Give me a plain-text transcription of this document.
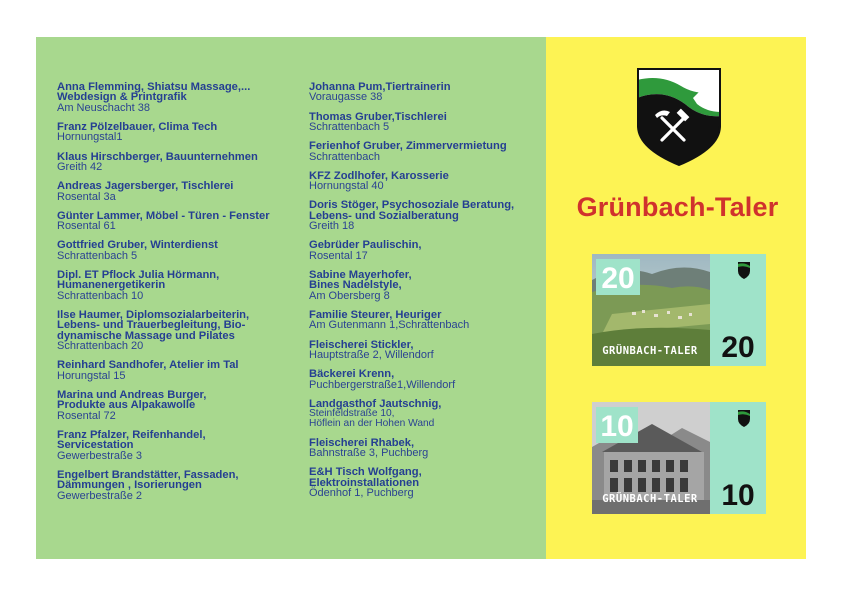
Anna Flemming, Shiatsu Massage,...
Webdesign & Printgrafik
Am Neuschacht 38
Franz Pölzelbauer, Clima Tech
Hornungstal1
Klaus Hirschberger, Bauunternehmen
Greith 42
Andreas Jagersberger, Tischlerei
Rosental 3a
Günter Lammer, Möbel - Türen - Fenster
Rosental 61
Gottfried Gruber, Winterdienst
Schrattenbach 5
Dipl. ET Pflock Julia Hörmann,
Humanenergetikerin
Schrattenbach 10
Ilse Haumer, Diplomsozialarbeiterin,
Lebens- und Trauerbegleitung, Bio-
dynamische Massage und Pilates
Schrattenbach 20
Reinhard Sandhofer, Atelier im Tal
Horungstal 15
Marina und Andreas Burger,
Produkte aus Alpakawolle
Rosental 72
Franz Pfalzer, Reifenhandel,
Servicestation
Gewerbestraße 3
Engelbert Brandstätter, Fassaden,
Dämmungen , Isorierungen
Gewerbestraße 2
Johanna Pum,Tiertrainerin
Voraugasse 38
Thomas Gruber,Tischlerei
Schrattenbach 5
Ferienhof Gruber, Zimmervermietung
Schrattenbach
KFZ Zodlhofer, Karosserie
Hornungstal 40
Doris Stöger, Psychosoziale Beratung,
Lebens- und Sozialberatung
Greith 18
Gebrüder Paulischin,
Rosental 17
Sabine Mayerhofer,
Bines Nadelstyle,
Am Obersberg 8
Familie Steurer, Heuriger
Am Gutenmann 1,Schrattenbach
Fleischerei Stickler,
Hauptstraße 2, Willendorf
Bäckerei Krenn,
Puchbergerstraße1,Willendorf
Landgasthof Jautschnig,
Steinfeldstraße 10,
Höflein an der Hohen Wand
Fleischerei Rhabek,
Bahnstraße 3, Puchberg
E&H Tisch Wolfgang,
Elektroinstallationen
Ödenhof 1, Puchberg
Grünbach-Taler
20
20
GRÜNBACH-TALER
10
10
GRÜNBACH-TALER
